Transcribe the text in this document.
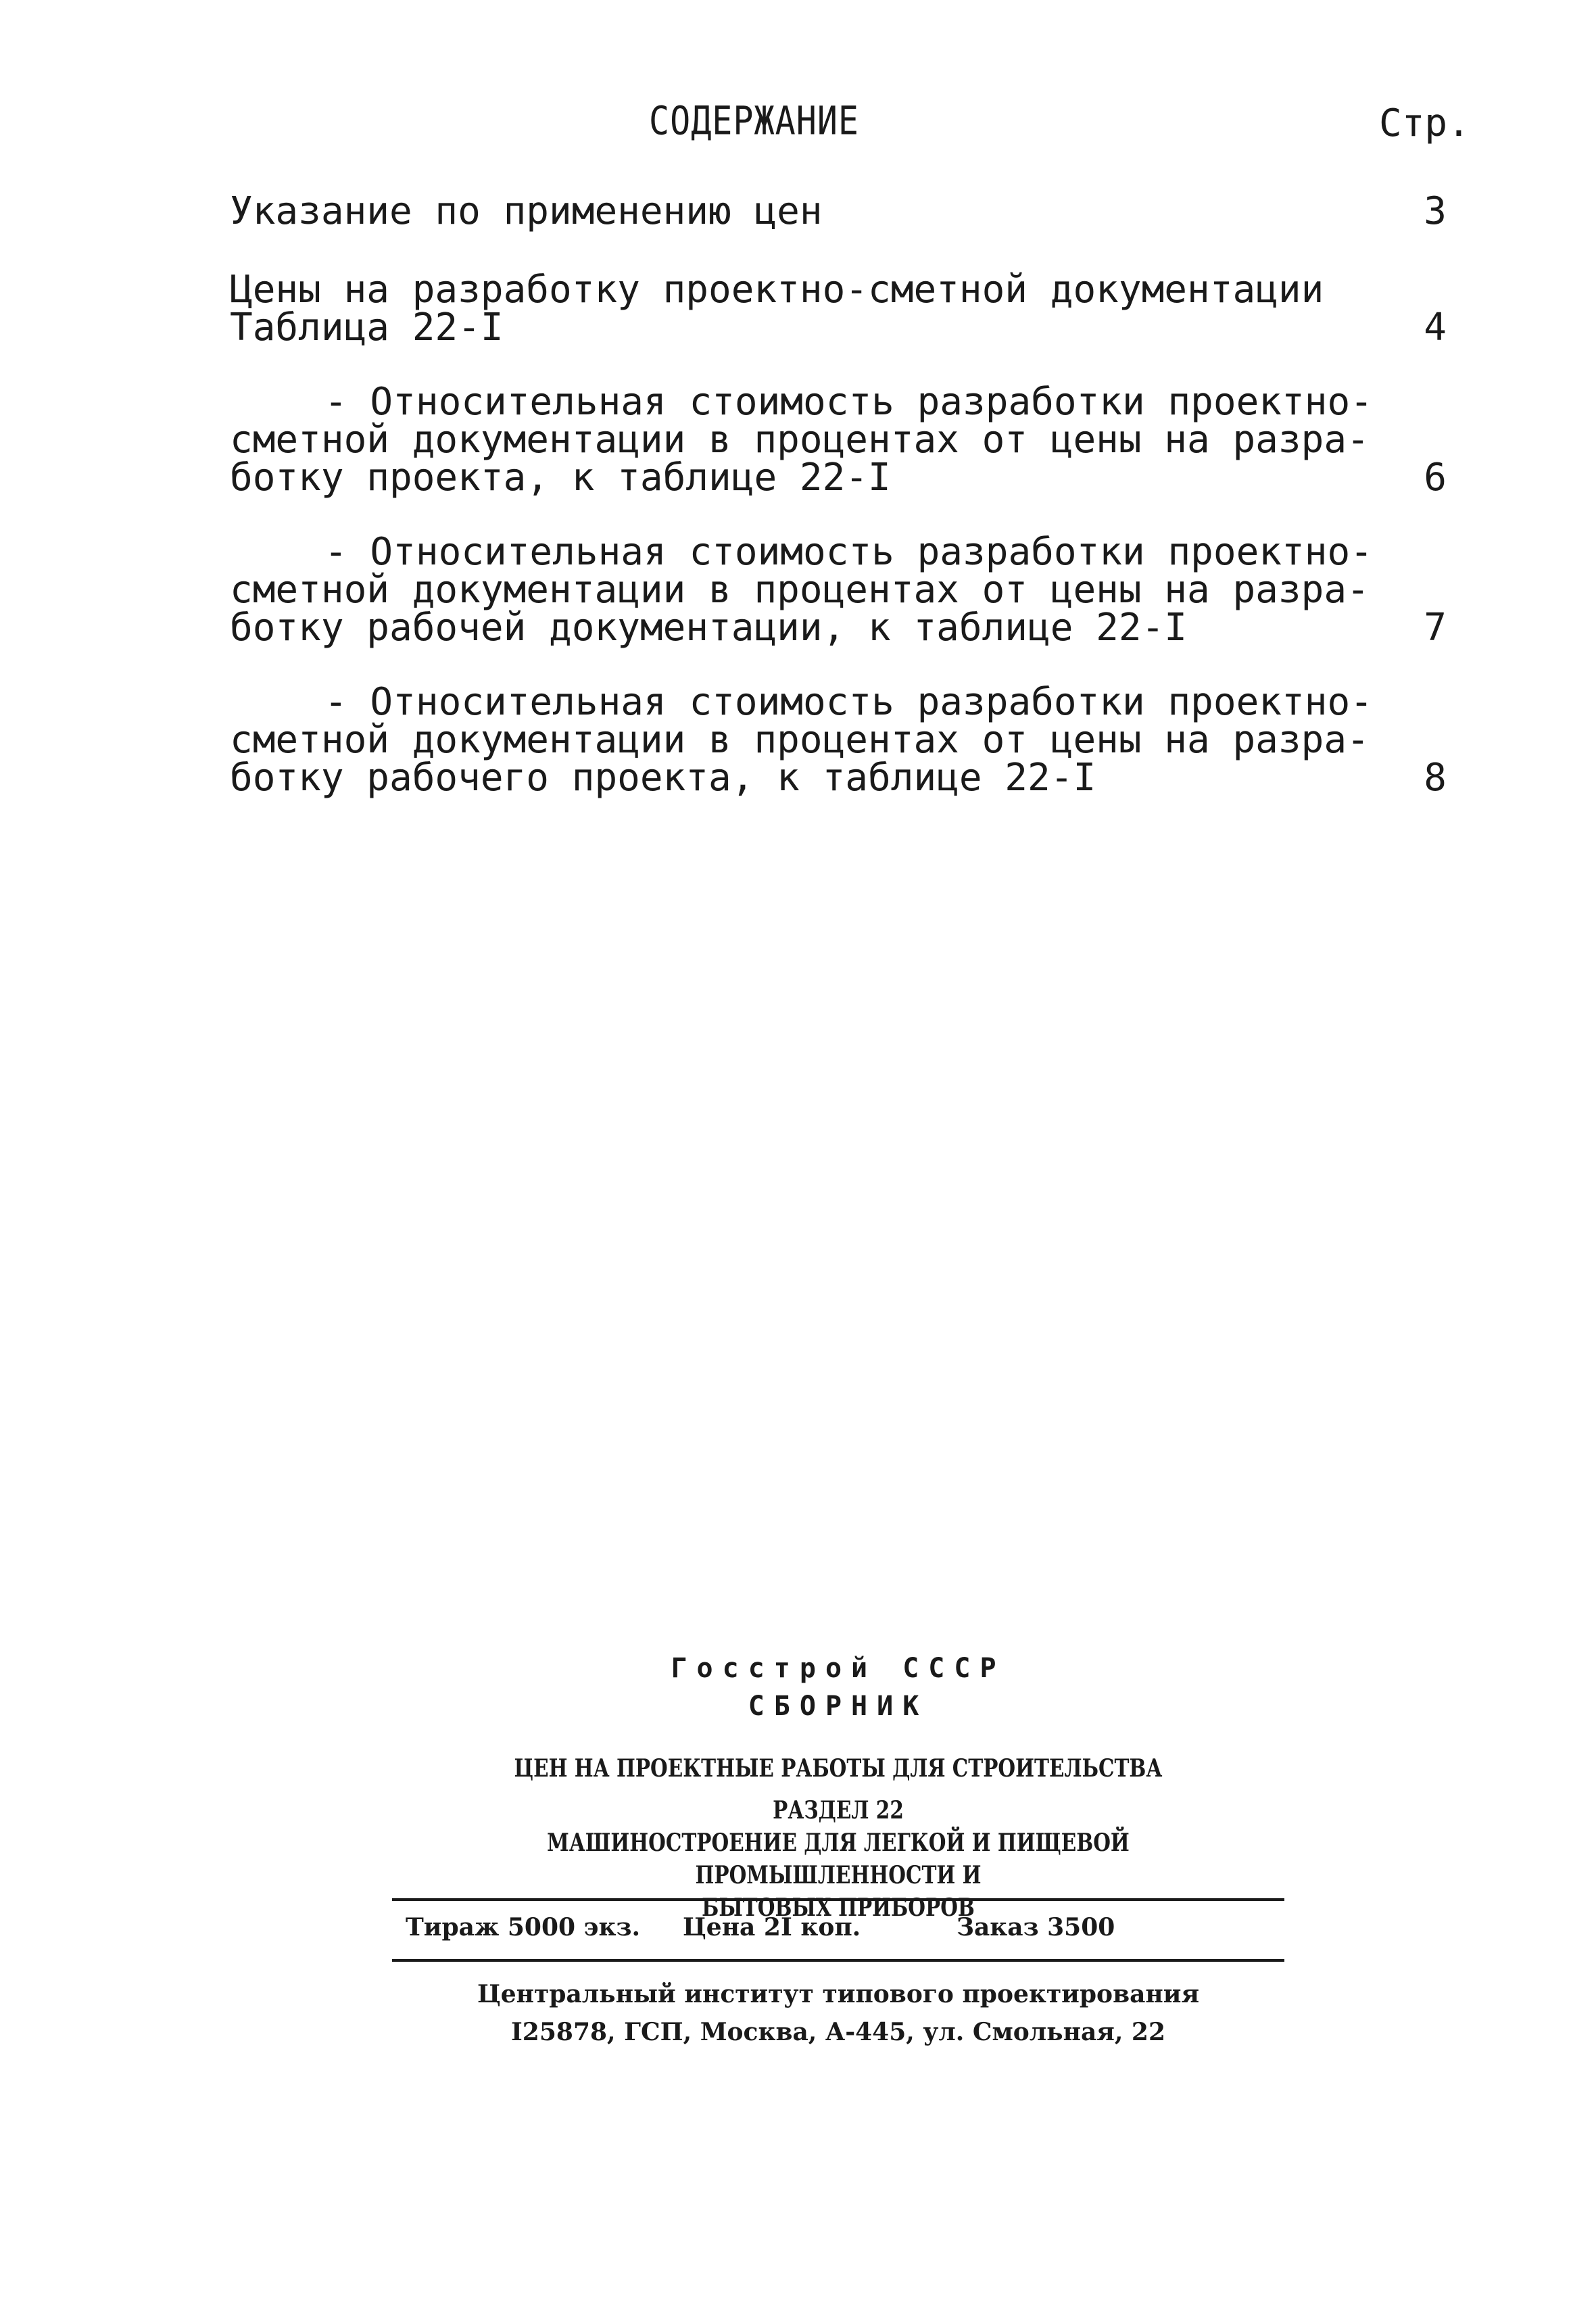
СОДЕРЖАНИЕ	Стр.
Указание по применению цен	3
Цены на разработку проектно-сметной документации
Таблица 22-I	4
- Относительная стоимость разработки проектно-
сметной документации в процентах от цены на разра-
ботку проекта, к таблице 22-I	6
- Относительная стоимость разработки проектно-
сметной документации в процентах от цены на разра-
ботку рабочей документации, к таблице 22-I	7
- Относительная стоимость разработки проектно-
сметной документации в процентах от цены на разра-
ботку рабочего проекта, к таблице 22-I	8
Госстрой СССР
СБОРНИК
ЦЕН НА ПРОЕКТНЫЕ РАБОТЫ ДЛЯ СТРОИТЕЛЬСТВА
РАЗДЕЛ 22
МАШИНОСТРОЕНИЕ ДЛЯ ЛЕГКОЙ И ПИЩЕВОЙ ПРОМЫШЛЕННОСТИ И
БЫТОВЫХ ПРИБОРОВ
Тираж 5000 экз. Цена 2I коп.	Заказ 3500
Центральный институт типового проектирования
I25878, ГСП, Москва, А-445, ул. Смольная, 22
